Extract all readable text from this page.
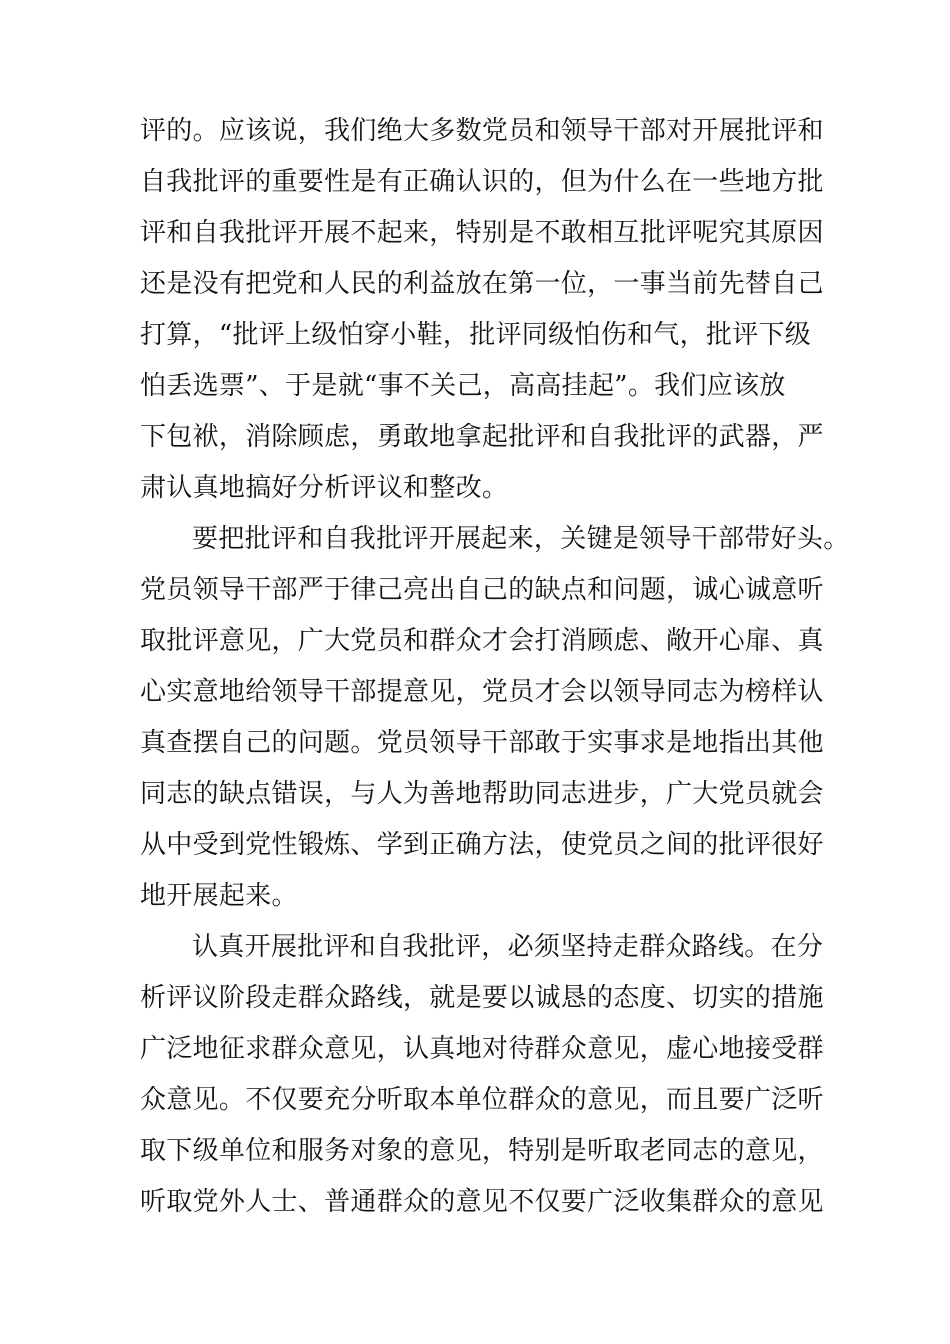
评的。应该说，我们绝大多数党员和领导干部对开展批评和
自我批评的重要性是有正确认识的，但为什么在一些地方批
评和自我批评开展不起来，特别是不敢相互批评呢究其原因
还是没有把党和人民的利益放在第一位，一事当前先替自己
打算，“批评上级怕穿小鞋，批评同级怕伤和气，批评下级
怕丢选票”、于是就“事不关己，高高挂起”。我们应该放
下包袱，消除顾虑，勇敢地拿起批评和自我批评的武器，严
肃认真地搞好分析评议和整改。
要把批评和自我批评开展起来，关键是领导干部带好头。
党员领导干部严于律己亮出自己的缺点和问题，诚心诚意听
取批评意见，广大党员和群众才会打消顾虑、敞开心扉、真
心实意地给领导干部提意见，党员才会以领导同志为榜样认
真查摆自己的问题。党员领导干部敢于实事求是地指出其他
同志的缺点错误，与人为善地帮助同志进步，广大党员就会
从中受到党性锻炼、学到正确方法，使党员之间的批评很好
地开展起来。
认真开展批评和自我批评，必须坚持走群众路线。在分
析评议阶段走群众路线，就是要以诚恳的态度、切实的措施
广泛地征求群众意见，认真地对待群众意见，虚心地接受群
众意见。不仅要充分听取本单位群众的意见，而且要广泛听
取下级单位和服务对象的意见，特别是听取老同志的意见，
听取党外人士、普通群众的意见不仅要广泛收集群众的意见
